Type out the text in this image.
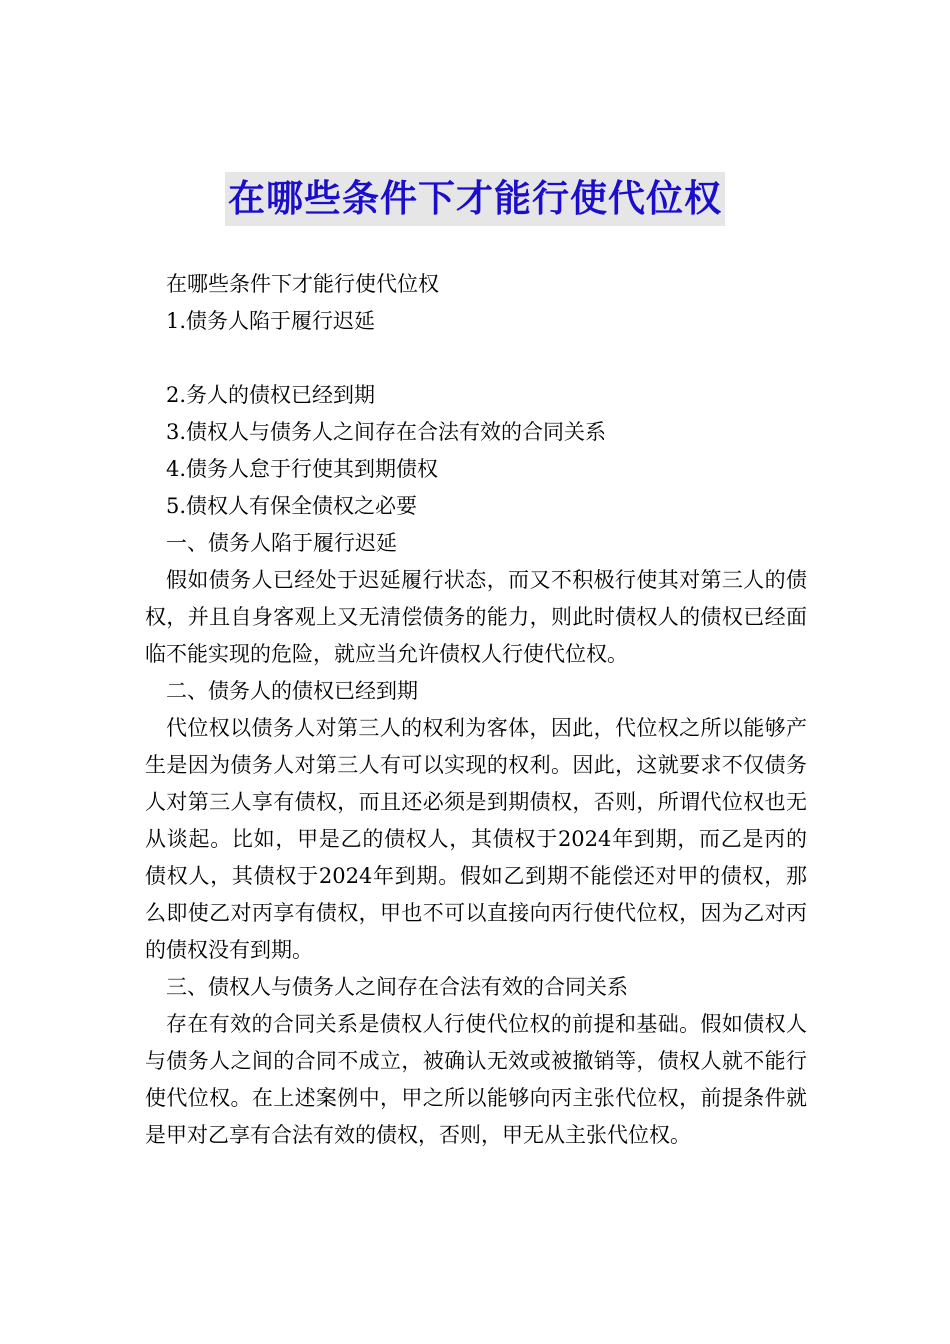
在哪些条件下才能行使代位权

在哪些条件下才能行使代位权

1.债务人陷于履行迟延

2.务人的债权已经到期

3.债权人与债务人之间存在合法有效的合同关系

4.债务人怠于行使其到期债权

5.债权人有保全债权之必要

一、债务人陷于履行迟延

假如债务人已经处于迟延履行状态，而又不积极行使其对第三人的债权，并且自身客观上又无清偿债务的能力，则此时债权人的债权已经面临不能实现的危险，就应当允许债权人行使代位权。

二、债务人的债权已经到期

代位权以债务人对第三人的权利为客体，因此，代位权之所以能够产生是因为债务人对第三人有可以实现的权利。因此，这就要求不仅债务人对第三人享有债权，而且还必须是到期债权，否则，所谓代位权也无从谈起。比如，甲是乙的债权人，其债权于2024年到期，而乙是丙的债权人，其债权于2024年到期。假如乙到期不能偿还对甲的债权，那么即使乙对丙享有债权，甲也不可以直接向丙行使代位权，因为乙对丙的债权没有到期。

三、债权人与债务人之间存在合法有效的合同关系

存在有效的合同关系是债权人行使代位权的前提和基础。假如债权人与债务人之间的合同不成立，被确认无效或被撤销等，债权人就不能行使代位权。在上述案例中，甲之所以能够向丙主张代位权，前提条件就是甲对乙享有合法有效的债权，否则，甲无从主张代位权。
